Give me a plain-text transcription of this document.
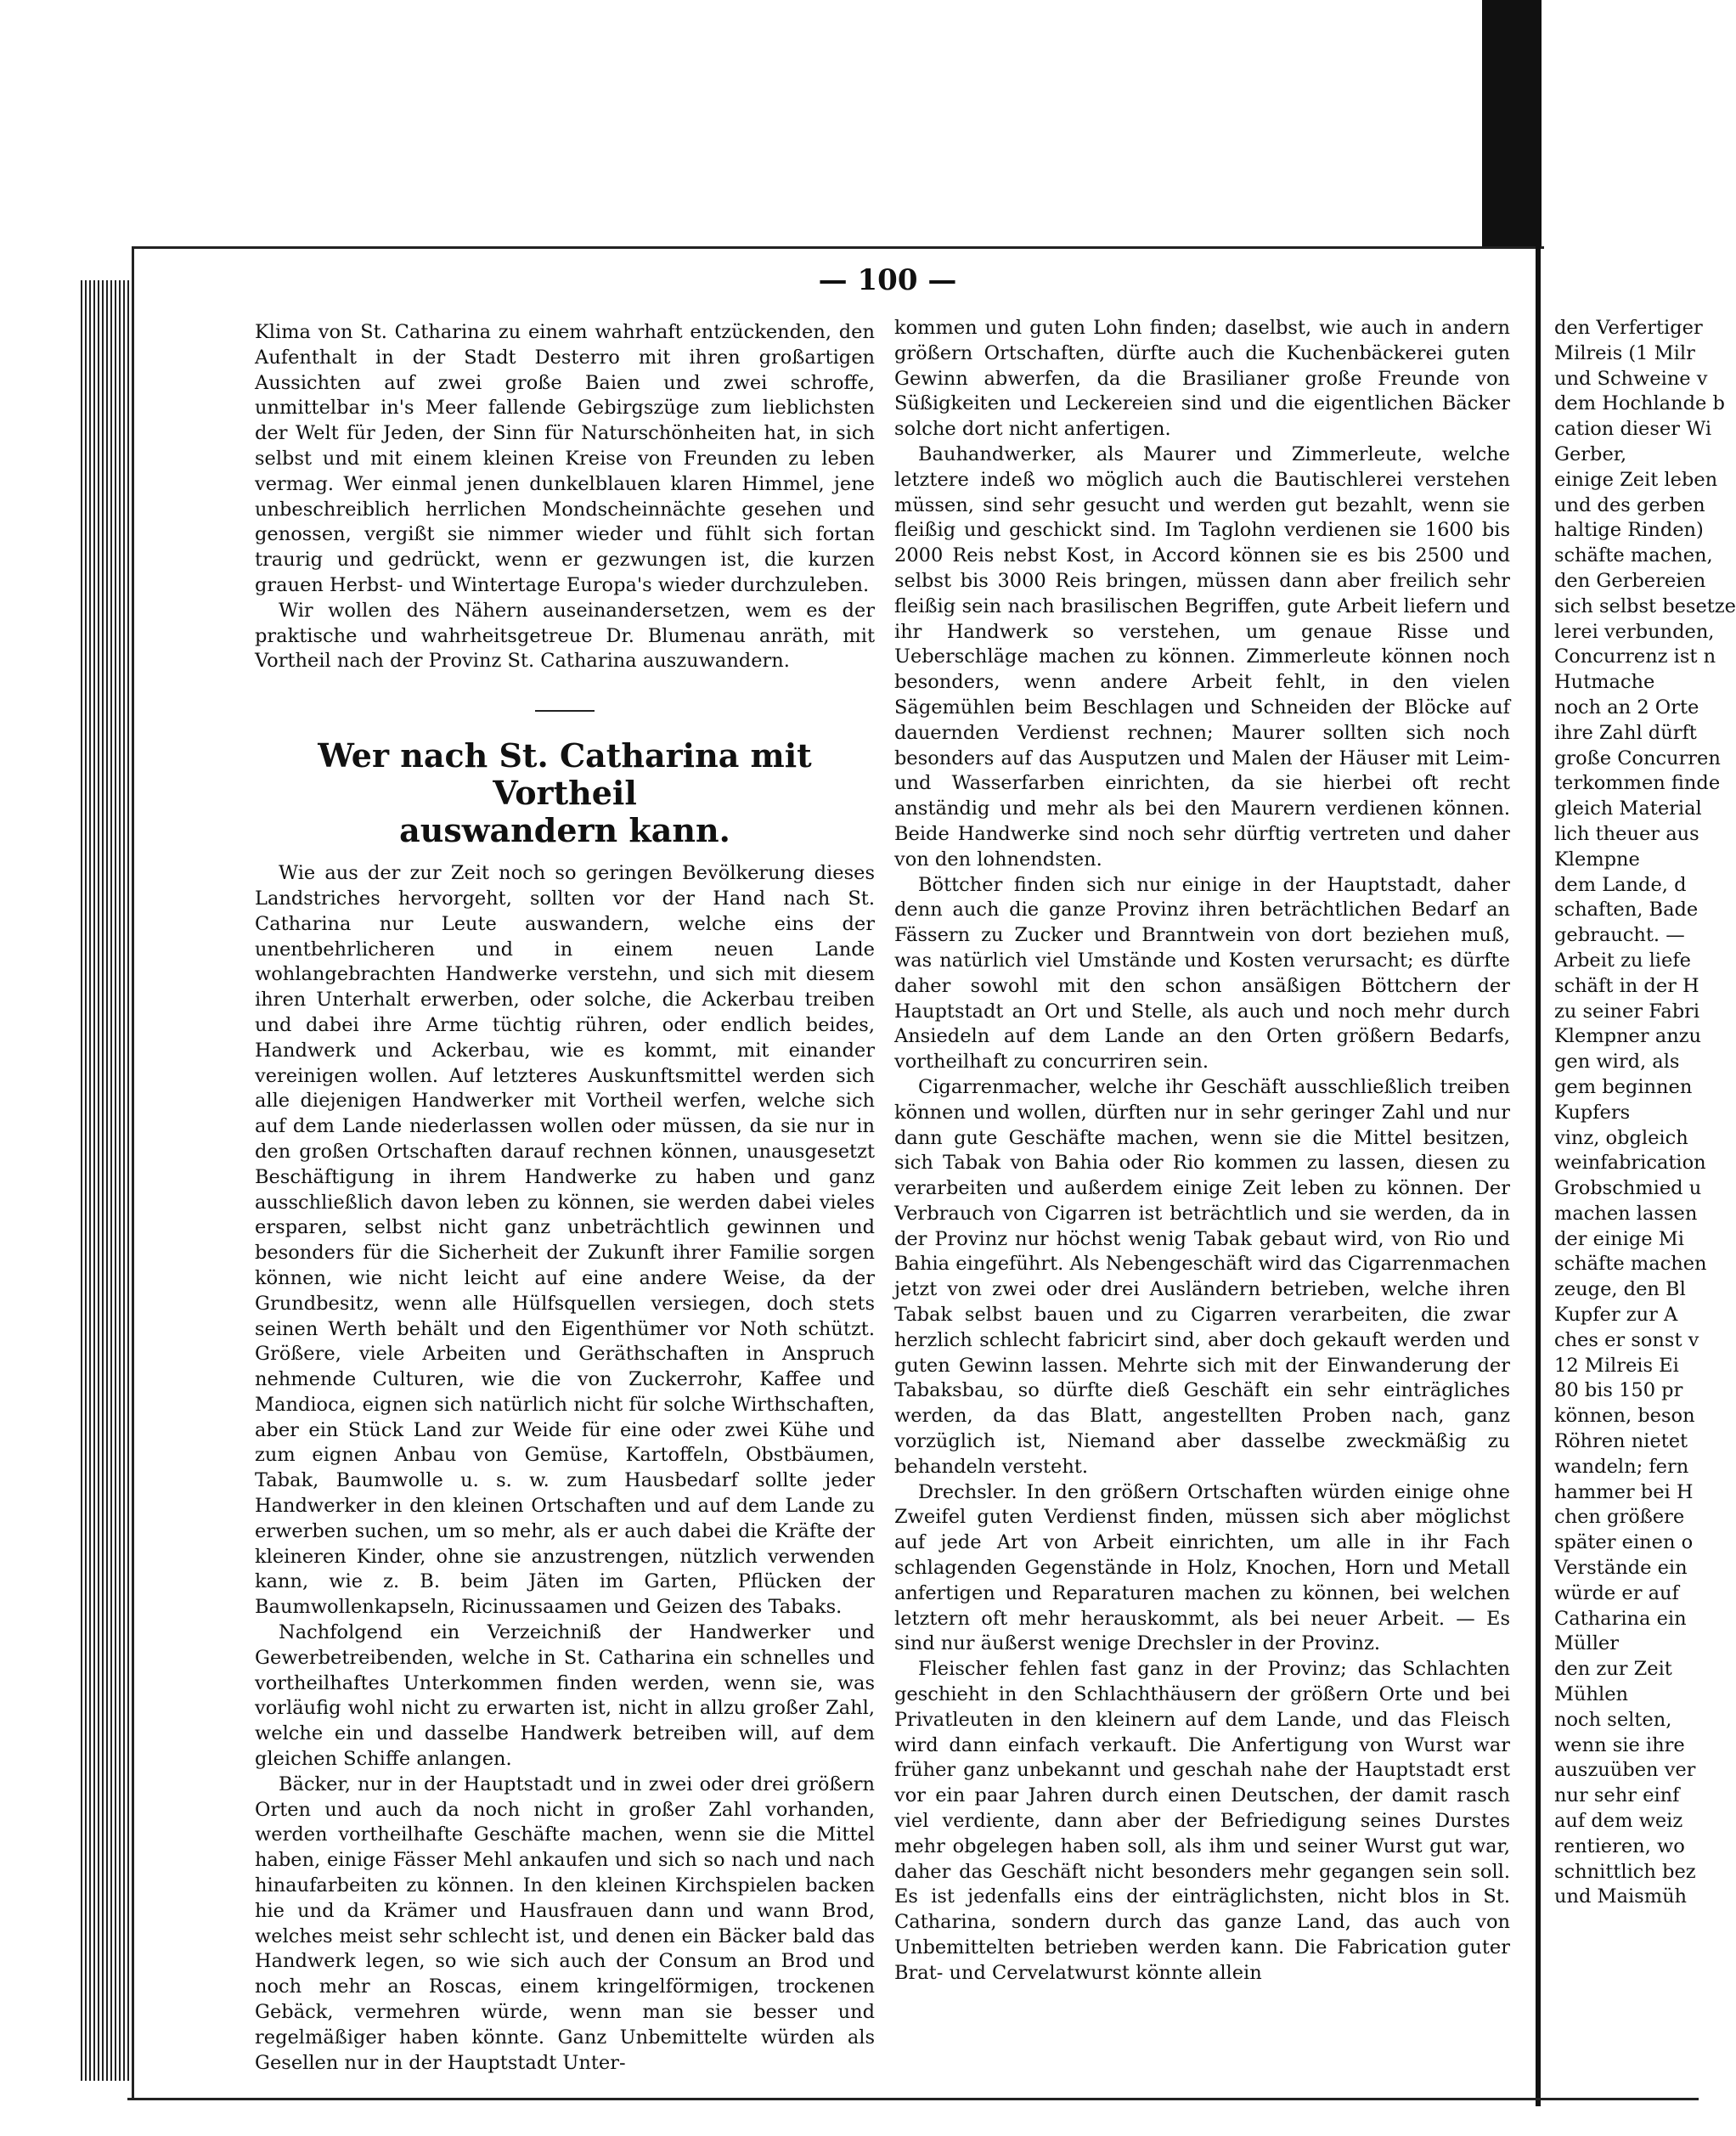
— 100 —

Klima von St. Catharina zu einem wahrhaft entzückenden, den Aufenthalt in der Stadt Desterro mit ihren großartigen Aussichten auf zwei große Baien und zwei schroffe, unmittelbar in's Meer fallende Gebirgszüge zum lieblichsten der Welt für Jeden, der Sinn für Naturschönheiten hat, in sich selbst und mit einem kleinen Kreise von Freunden zu leben vermag. Wer einmal jenen dunkelblauen klaren Himmel, jene unbeschreiblich herrlichen Mondscheinnächte gesehen und genossen, vergißt sie nimmer wieder und fühlt sich fortan traurig und gedrückt, wenn er gezwungen ist, die kurzen grauen Herbst- und Wintertage Europa's wieder durchzuleben.

Wir wollen des Nähern auseinandersetzen, wem es der praktische und wahrheitsgetreue Dr. Blumenau anräth, mit Vortheil nach der Provinz St. Catharina auszuwandern.

Wer nach St. Catharina mit Vortheil
auswandern kann.

Wie aus der zur Zeit noch so geringen Bevölkerung dieses Landstriches hervorgeht, sollten vor der Hand nach St. Catharina nur Leute auswandern, welche eins der unentbehrlicheren und in einem neuen Lande wohlangebrachten Handwerke verstehn, und sich mit diesem ihren Unterhalt erwerben, oder solche, die Ackerbau treiben und dabei ihre Arme tüchtig rühren, oder endlich beides, Handwerk und Ackerbau, wie es kommt, mit einander vereinigen wollen. Auf letzteres Auskunftsmittel werden sich alle diejenigen Handwerker mit Vortheil werfen, welche sich auf dem Lande niederlassen wollen oder müssen, da sie nur in den großen Ortschaften darauf rechnen können, unausgesetzt Beschäftigung in ihrem Handwerke zu haben und ganz ausschließlich davon leben zu können, sie werden dabei vieles ersparen, selbst nicht ganz unbeträchtlich gewinnen und besonders für die Sicherheit der Zukunft ihrer Familie sorgen können, wie nicht leicht auf eine andere Weise, da der Grundbesitz, wenn alle Hülfsquellen versiegen, doch stets seinen Werth behält und den Eigenthümer vor Noth schützt. Größere, viele Arbeiten und Geräthschaften in Anspruch nehmende Culturen, wie die von Zuckerrohr, Kaffee und Mandioca, eignen sich natürlich nicht für solche Wirthschaften, aber ein Stück Land zur Weide für eine oder zwei Kühe und zum eignen Anbau von Gemüse, Kartoffeln, Obstbäumen, Tabak, Baumwolle u. s. w. zum Hausbedarf sollte jeder Handwerker in den kleinen Ortschaften und auf dem Lande zu erwerben suchen, um so mehr, als er auch dabei die Kräfte der kleineren Kinder, ohne sie anzustrengen, nützlich verwenden kann, wie z. B. beim Jäten im Garten, Pflücken der Baumwollenkapseln, Ricinussaamen und Geizen des Tabaks.

Nachfolgend ein Verzeichniß der Handwerker und Gewerbetreibenden, welche in St. Catharina ein schnelles und vortheilhaftes Unterkommen finden werden, wenn sie, was vorläufig wohl nicht zu erwarten ist, nicht in allzu großer Zahl, welche ein und dasselbe Handwerk betreiben will, auf dem gleichen Schiffe anlangen.

Bäcker, nur in der Hauptstadt und in zwei oder drei größern Orten und auch da noch nicht in großer Zahl vorhanden, werden vortheilhafte Geschäfte machen, wenn sie die Mittel haben, einige Fässer Mehl ankaufen und sich so nach und nach hinaufarbeiten zu können. In den kleinen Kirchspielen backen hie und da Krämer und Hausfrauen dann und wann Brod, welches meist sehr schlecht ist, und denen ein Bäcker bald das Handwerk legen, so wie sich auch der Consum an Brod und noch mehr an Roscas, einem kringelförmigen, trockenen Gebäck, vermehren würde, wenn man sie besser und regelmäßiger haben könnte. Ganz Unbemittelte würden als Gesellen nur in der Hauptstadt Unter-

kommen und guten Lohn finden; daselbst, wie auch in andern größern Ortschaften, dürfte auch die Kuchenbäckerei guten Gewinn abwerfen, da die Brasilianer große Freunde von Süßigkeiten und Leckereien sind und die eigentlichen Bäcker solche dort nicht anfertigen.

Bauhandwerker, als Maurer und Zimmerleute, welche letztere indeß wo möglich auch die Bautischlerei verstehen müssen, sind sehr gesucht und werden gut bezahlt, wenn sie fleißig und geschickt sind. Im Taglohn verdienen sie 1600 bis 2000 Reis nebst Kost, in Accord können sie es bis 2500 und selbst bis 3000 Reis bringen, müssen dann aber freilich sehr fleißig sein nach brasilischen Begriffen, gute Arbeit liefern und ihr Handwerk so verstehen, um genaue Risse und Ueberschläge machen zu können. Zimmerleute können noch besonders, wenn andere Arbeit fehlt, in den vielen Sägemühlen beim Beschlagen und Schneiden der Blöcke auf dauernden Verdienst rechnen; Maurer sollten sich noch besonders auf das Ausputzen und Malen der Häuser mit Leim- und Wasserfarben einrichten, da sie hierbei oft recht anständig und mehr als bei den Maurern verdienen können. Beide Handwerke sind noch sehr dürftig vertreten und daher von den lohnendsten.

Böttcher finden sich nur einige in der Hauptstadt, daher denn auch die ganze Provinz ihren beträchtlichen Bedarf an Fässern zu Zucker und Branntwein von dort beziehen muß, was natürlich viel Umstände und Kosten verursacht; es dürfte daher sowohl mit den schon ansäßigen Böttchern der Hauptstadt an Ort und Stelle, als auch und noch mehr durch Ansiedeln auf dem Lande an den Orten größern Bedarfs, vortheilhaft zu concurriren sein.

Cigarrenmacher, welche ihr Geschäft ausschließlich treiben können und wollen, dürften nur in sehr geringer Zahl und nur dann gute Geschäfte machen, wenn sie die Mittel besitzen, sich Tabak von Bahia oder Rio kommen zu lassen, diesen zu verarbeiten und außerdem einige Zeit leben zu können. Der Verbrauch von Cigarren ist beträchtlich und sie werden, da in der Provinz nur höchst wenig Tabak gebaut wird, von Rio und Bahia eingeführt. Als Nebengeschäft wird das Cigarrenmachen jetzt von zwei oder drei Ausländern betrieben, welche ihren Tabak selbst bauen und zu Cigarren verarbeiten, die zwar herzlich schlecht fabricirt sind, aber doch gekauft werden und guten Gewinn lassen. Mehrte sich mit der Einwanderung der Tabaksbau, so dürfte dieß Geschäft ein sehr einträgliches werden, da das Blatt, angestellten Proben nach, ganz vorzüglich ist, Niemand aber dasselbe zweckmäßig zu behandeln versteht.

Drechsler. In den größern Ortschaften würden einige ohne Zweifel guten Verdienst finden, müssen sich aber möglichst auf jede Art von Arbeit einrichten, um alle in ihr Fach schlagenden Gegenstände in Holz, Knochen, Horn und Metall anfertigen und Reparaturen machen zu können, bei welchen letztern oft mehr herauskommt, als bei neuer Arbeit. — Es sind nur äußerst wenige Drechsler in der Provinz.

Fleischer fehlen fast ganz in der Provinz; das Schlachten geschieht in den Schlachthäusern der größern Orte und bei Privatleuten in den kleinern auf dem Lande, und das Fleisch wird dann einfach verkauft. Die Anfertigung von Wurst war früher ganz unbekannt und geschah nahe der Hauptstadt erst vor ein paar Jahren durch einen Deutschen, der damit rasch viel verdiente, dann aber der Befriedigung seines Durstes mehr obgelegen haben soll, als ihm und seiner Wurst gut war, daher das Geschäft nicht besonders mehr gegangen sein soll. Es ist jedenfalls eins der einträglichsten, nicht blos in St. Catharina, sondern durch das ganze Land, das auch von Unbemittelten betrieben werden kann. Die Fabrication guter Brat- und Cervelatwurst könnte allein

den Verfertiger

Milreis (1 Milr

und Schweine v

dem Hochlande b

cation dieser Wi

Gerber,

einige Zeit leben

und des gerben

haltige Rinden)

schäfte machen,

den Gerbereien

sich selbst besetze

lerei verbunden,

Concurrenz ist n

Hutmache

noch an 2 Orte

ihre Zahl dürft

große Concurren

terkommen finde

gleich Material

lich theuer aus

Klempne

dem Lande, d

schaften, Bade

gebraucht. —

Arbeit zu liefe

schäft in der H

zu seiner Fabri

Klempner anzu

gen wird, als

gem beginnen

Kupfers

vinz, obgleich

weinfabrication

Grobschmied u

machen lassen

der einige Mi

schäfte machen

zeuge, den Bl

Kupfer zur A

ches er sonst v

12 Milreis Ei

80 bis 150 pr

können, beson

Röhren nietet

wandeln; fern

hammer bei H

chen größere

später einen o

Verstände ein

würde er auf

Catharina ein

Müller

den zur Zeit

Mühlen

noch selten,

wenn sie ihre

auszuüben ver

nur sehr einf

auf dem weiz

rentieren, wo

schnittlich bez

und Maismüh
